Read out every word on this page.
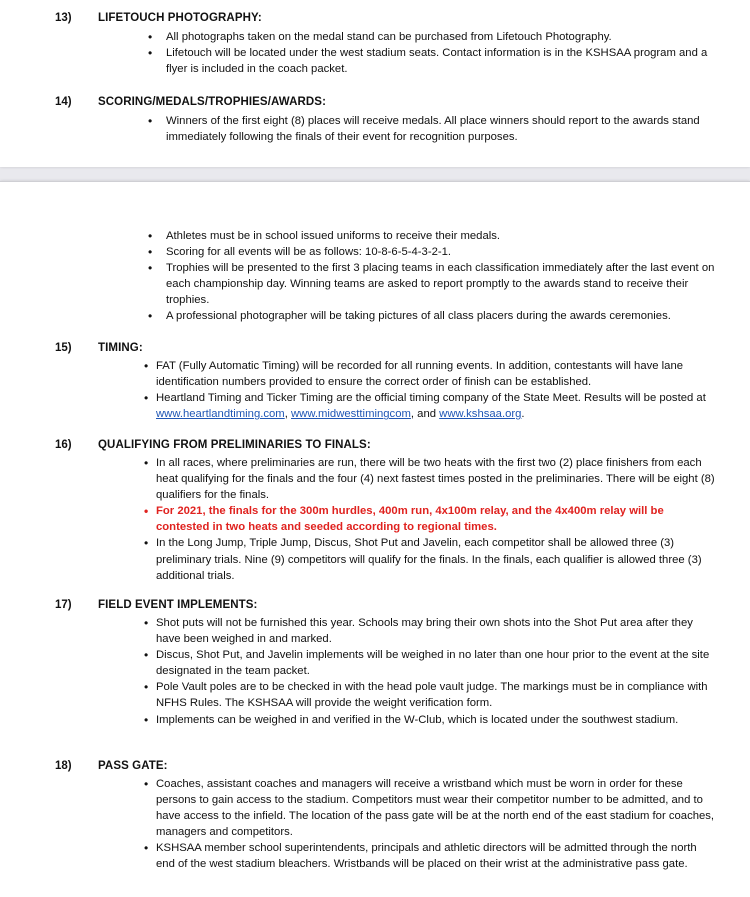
13) LIFETOUCH PHOTOGRAPHY:
• All photographs taken on the medal stand can be purchased from Lifetouch Photography.
• Lifetouch will be located under the west stadium seats. Contact information is in the KSHSAA program and a flyer is included in the coach packet.
14) SCORING/MEDALS/TROPHIES/AWARDS:
• Winners of the first eight (8) places will receive medals. All place winners should report to the awards stand immediately following the finals of their event for recognition purposes.
• Athletes must be in school issued uniforms to receive their medals.
• Scoring for all events will be as follows: 10-8-6-5-4-3-2-1.
• Trophies will be presented to the first 3 placing teams in each classification immediately after the last event on each championship day. Winning teams are asked to report promptly to the awards stand to receive their trophies.
• A professional photographer will be taking pictures of all class placers during the awards ceremonies.
15) TIMING:
• FAT (Fully Automatic Timing) will be recorded for all running events. In addition, contestants will have lane identification numbers provided to ensure the correct order of finish can be established.
• Heartland Timing and Ticker Timing are the official timing company of the State Meet. Results will be posted at www.heartlandtiming.com, www.midwesttimingcom, and www.kshsaa.org.
16) QUALIFYING FROM PRELIMINARIES TO FINALS:
• In all races, where preliminaries are run, there will be two heats with the first two (2) place finishers from each heat qualifying for the finals and the four (4) next fastest times posted in the preliminaries. There will be eight (8) qualifiers for the finals.
• For 2021, the finals for the 300m hurdles, 400m run, 4x100m relay, and the 4x400m relay will be contested in two heats and seeded according to regional times.
• In the Long Jump, Triple Jump, Discus, Shot Put and Javelin, each competitor shall be allowed three (3) preliminary trials. Nine (9) competitors will qualify for the finals. In the finals, each qualifier is allowed three (3) additional trials.
17) FIELD EVENT IMPLEMENTS:
• Shot puts will not be furnished this year. Schools may bring their own shots into the Shot Put area after they have been weighed in and marked.
• Discus, Shot Put, and Javelin implements will be weighed in no later than one hour prior to the event at the site designated in the team packet.
• Pole Vault poles are to be checked in with the head pole vault judge. The markings must be in compliance with NFHS Rules. The KSHSAA will provide the weight verification form.
• Implements can be weighed in and verified in the W-Club, which is located under the southwest stadium.
18) PASS GATE:
• Coaches, assistant coaches and managers will receive a wristband which must be worn in order for these persons to gain access to the stadium. Competitors must wear their competitor number to be admitted, and to have access to the infield. The location of the pass gate will be at the north end of the east stadium for coaches, managers and competitors.
• KSHSAA member school superintendents, principals and athletic directors will be admitted through the north end of the west stadium bleachers. Wristbands will be placed on their wrist at the administrative pass gate.
